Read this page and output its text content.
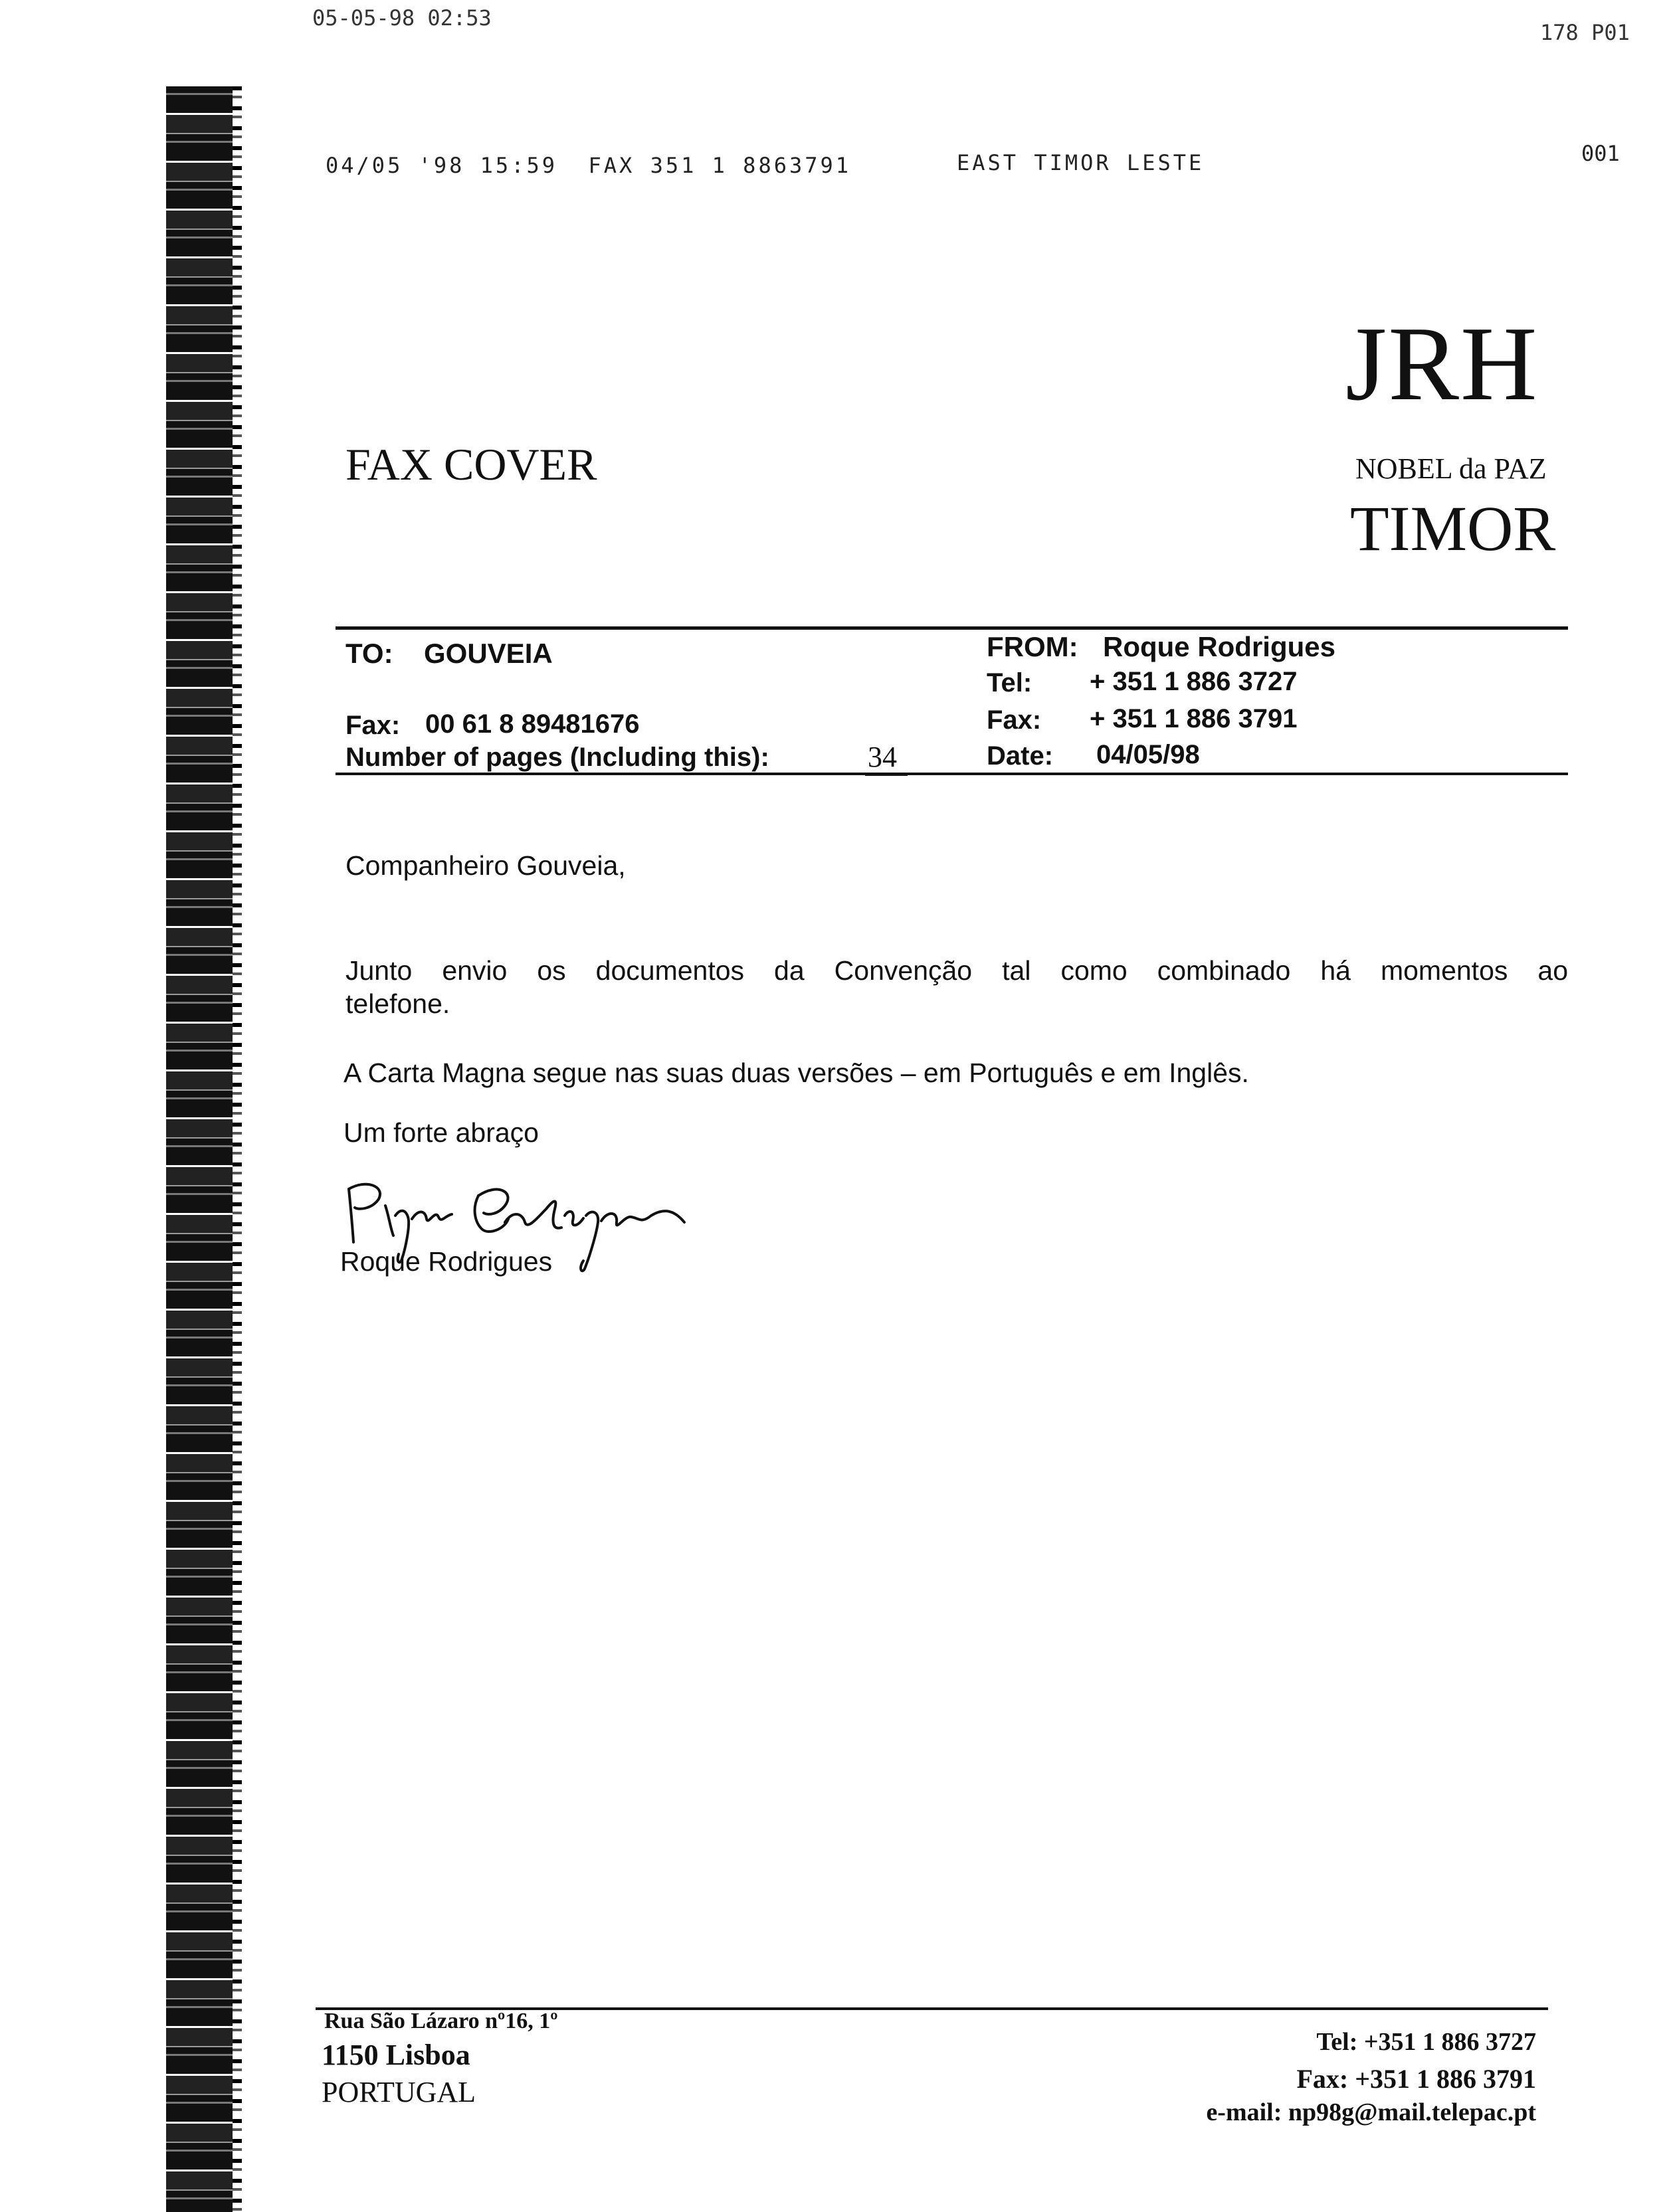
05-05-98 02:53
178 P01
04/05 '98 15:59  FAX 351 1 8863791	EAST TIMOR LESTE	001
JRH
NOBEL da PAZ
TIMOR
FAX COVER
TO: GOUVEIA
Fax: 00 61 8 89481676
Number of pages (Including this):	34
FROM: Roque Rodrigues
Tel: + 351 1 886 3727
Fax: + 351 1 886 3791
Date: 04/05/98
Companheiro Gouveia,
Junto envio os documentos da Convenção tal como combinado há momentos ao
telefone.
A Carta Magna segue nas suas duas versões – em Português e em Inglês.
Um forte abraço
Roque Rodrigues
Rua São Lázaro nº16, 1º
1150 Lisboa
PORTUGAL
Tel: +351 1 886 3727
Fax: +351 1 886 3791
e-mail: np98g@mail.telepac.pt
